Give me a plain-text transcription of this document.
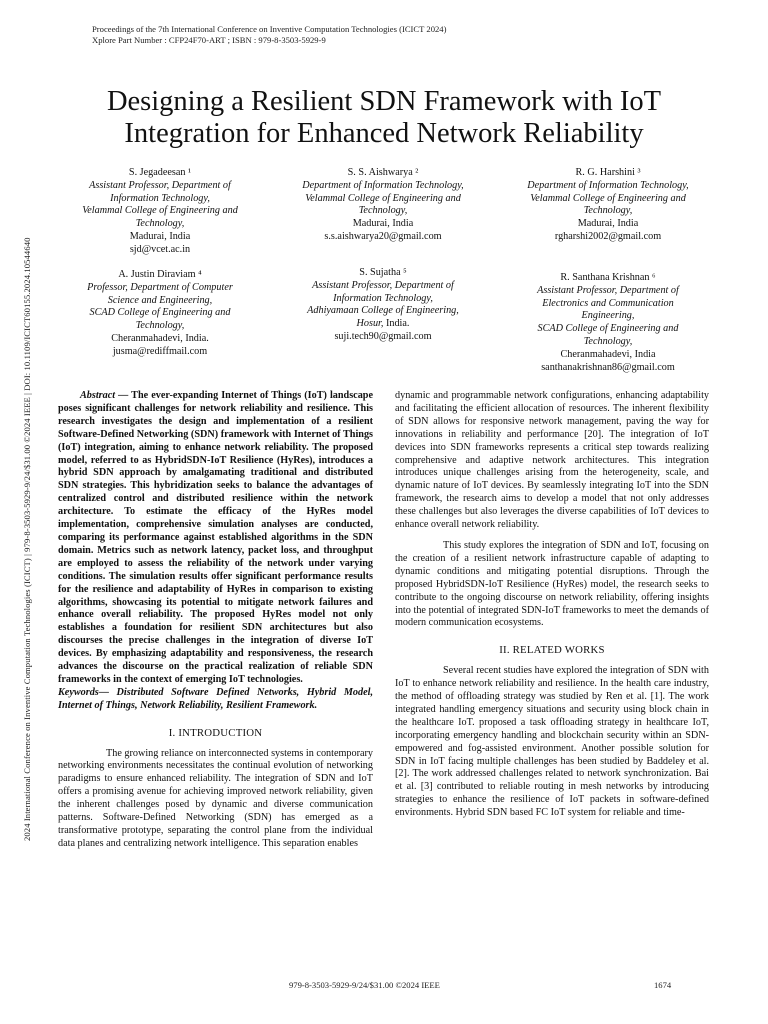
Proceedings of the 7th International Conference on Inventive Computation Technologies (ICICT 2024)
Xplore Part Number : CFP24F70-ART ; ISBN : 979-8-3503-5929-9
2024 International Conference on Inventive Computation Technologies (ICICT) | 979-8-3503-5929-9/24/$31.00 ©2024 IEEE | DOI: 10.1109/ICICT60155.2024.10544640
Designing a Resilient SDN Framework with IoT
Integration for Enhanced Network Reliability
S. Jegadeesan ¹
Assistant Professor, Department of
Information Technology,
Velammal College of Engineering and
Technology,
Madurai, India
sjd@vcet.ac.in
S. S. Aishwarya ²
Department of Information Technology,
Velammal College of Engineering and
Technology,
Madurai, India
s.s.aishwarya20@gmail.com
R. G. Harshini ³
Department of Information Technology,
Velammal College of Engineering and
Technology,
Madurai, India
rgharshi2002@gmail.com
A. Justin Diraviam ⁴
Professor, Department of Computer
Science and Engineering,
SCAD College of Engineering and
Technology,
Cheranmahadevi, India.
jusma@rediffmail.com
S. Sujatha ⁵
Assistant Professor, Department of
Information Technology,
Adhiyamaan College of Engineering,
Hosur, India.
suji.tech90@gmail.com
R. Santhana Krishnan ⁶
Assistant Professor, Department of
Electronics and Communication
Engineering,
SCAD College of Engineering and
Technology,
Cheranmahadevi, India
santhanakrishnan86@gmail.com

Abstract — The ever-expanding Internet of Things (IoT) landscape poses significant challenges for network reliability and resilience. This research investigates the design and implementation of a resilient Software-Defined Networking (SDN) framework with Internet of Things (IoT) integration, aiming to enhance network reliability. The proposed model, referred to as HybridSDN-IoT Resilience (HyRes), introduces a hybrid SDN approach by amalgamating traditional and distributed SDN strategies. This hybridization seeks to balance the advantages of centralized control and distributed resilience within the network architecture. To estimate the efficacy of the HyRes model implementation, comprehensive simulation analyses are conducted, comparing its performance against established algorithms in the SDN domain. Metrics such as network latency, packet loss, and throughput are employed to assess the reliability of the network under varying conditions. The simulation results offer significant performance results for the resilience and adaptability of HyRes in comparison to existing algorithms, showcasing its potential to mitigate network failures and enhance overall reliability. The proposed HyRes model not only establishes a foundation for resilient SDN architectures but also discourses the precise challenges in the integration of diverse IoT devices. By emphasizing adaptability and responsiveness, the research advances the discourse on the practical realization of reliable SDN frameworks in the context of emerging IoT technologies.

Keywords— Distributed Software Defined Networks, Hybrid Model, Internet of Things, Network Reliability, Resilient Framework.

I. INTRODUCTION

The growing reliance on interconnected systems in contemporary networking environments necessitates the continual evolution of networking paradigms to ensure enhanced reliability. The integration of SDN and IoT offers a promising avenue for achieving improved network reliability, given the inherent challenges posed by dynamic and diverse communication patterns. Software-Defined Networking (SDN) has emerged as a transformative prototype, separating the control plane from the individual data planes and centralizing network intelligence. This separation enables

dynamic and programmable network configurations, enhancing adaptability and facilitating the efficient allocation of resources. The inherent flexibility of SDN allows for responsive network management, paving the way for innovations in reliability and performance [20]. The integration of IoT devices into SDN frameworks represents a critical step towards realizing comprehensive and adaptive network architectures. This integration introduces unique challenges arising from the heterogeneity, scale, and dynamic nature of IoT devices. By seamlessly integrating IoT into the SDN framework, the research aims to develop a model that not only addresses these challenges but also leverages the diverse capabilities of IoT devices to enhance overall network reliability.

This study explores the integration of SDN and IoT, focusing on the creation of a resilient network infrastructure capable of adapting to dynamic conditions and mitigating potential disruptions. Through the proposed HybridSDN-IoT Resilience (HyRes) model, the research seeks to contribute to the ongoing discourse on network reliability, offering insights into the potential of integrated SDN-IoT frameworks to meet the demands of modern communication ecosystems.

II. RELATED WORKS

Several recent studies have explored the integration of SDN with IoT to enhance network reliability and resilience. In the health care industry, the method of offloading strategy was studied by Ren et al. [1]. The work integrated handling emergency situations and security using block chain in the healthcare IoT. proposed a task offloading strategy in healthcare IoT, incorporating emergency handling and blockchain security within an SDN-empowered and fog-assisted environment. Another possible solution for SDN in IoT facing multiple challenges has been studied by Baddeley et al. [2]. The work addressed challenges related to network synchronization. Bai et al. [3] contributed to reliable routing in mesh networks by introducing strategies to enhance the resilience of IoT packets in software-defined environments. Hybrid SDN based FC IoT system for reliable and time-

979-8-3503-5929-9/24/$31.00 ©2024 IEEE	1674
